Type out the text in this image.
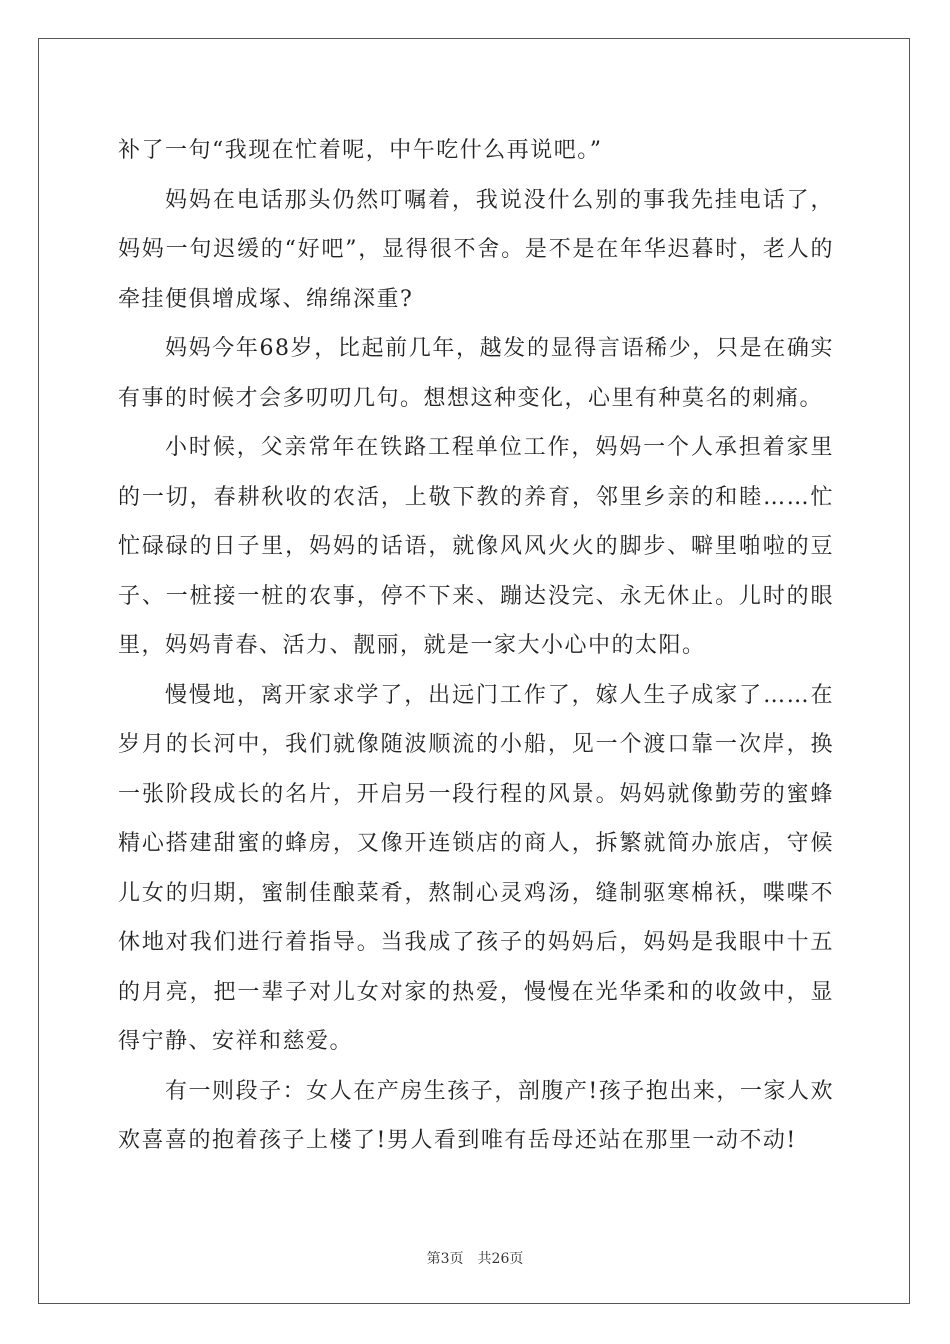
补了一句“我现在忙着呢，中午吃什么再说吧。”

妈妈在电话那头仍然叮嘱着，我说没什么别的事我先挂电话了，妈妈一句迟缓的“好吧”，显得很不舍。是不是在年华迟暮时，老人的牵挂便俱增成塚、绵绵深重?

妈妈今年68岁，比起前几年，越发的显得言语稀少，只是在确实有事的时候才会多叨叨几句。想想这种变化，心里有种莫名的刺痛。

小时候，父亲常年在铁路工程单位工作，妈妈一个人承担着家里的一切，春耕秋收的农活，上敬下教的养育，邻里乡亲的和睦……忙忙碌碌的日子里，妈妈的话语，就像风风火火的脚步、噼里啪啦的豆子、一桩接一桩的农事，停不下来、蹦达没完、永无休止。儿时的眼里，妈妈青春、活力、靓丽，就是一家大小心中的太阳。

慢慢地，离开家求学了，出远门工作了，嫁人生子成家了……在岁月的长河中，我们就像随波顺流的小船，见一个渡口靠一次岸，换一张阶段成长的名片，开启另一段行程的风景。妈妈就像勤劳的蜜蜂精心搭建甜蜜的蜂房，又像开连锁店的商人，拆繁就简办旅店，守候儿女的归期，蜜制佳酿菜肴，熬制心灵鸡汤，缝制驱寒棉袄，喋喋不休地对我们进行着指导。当我成了孩子的妈妈后，妈妈是我眼中十五的月亮，把一辈子对儿女对家的热爱，慢慢在光华柔和的收敛中，显得宁静、安祥和慈爱。

有一则段子：女人在产房生孩子，剖腹产!孩子抱出来，一家人欢欢喜喜的抱着孩子上楼了!男人看到唯有岳母还站在那里一动不动!

第3页 共26页
